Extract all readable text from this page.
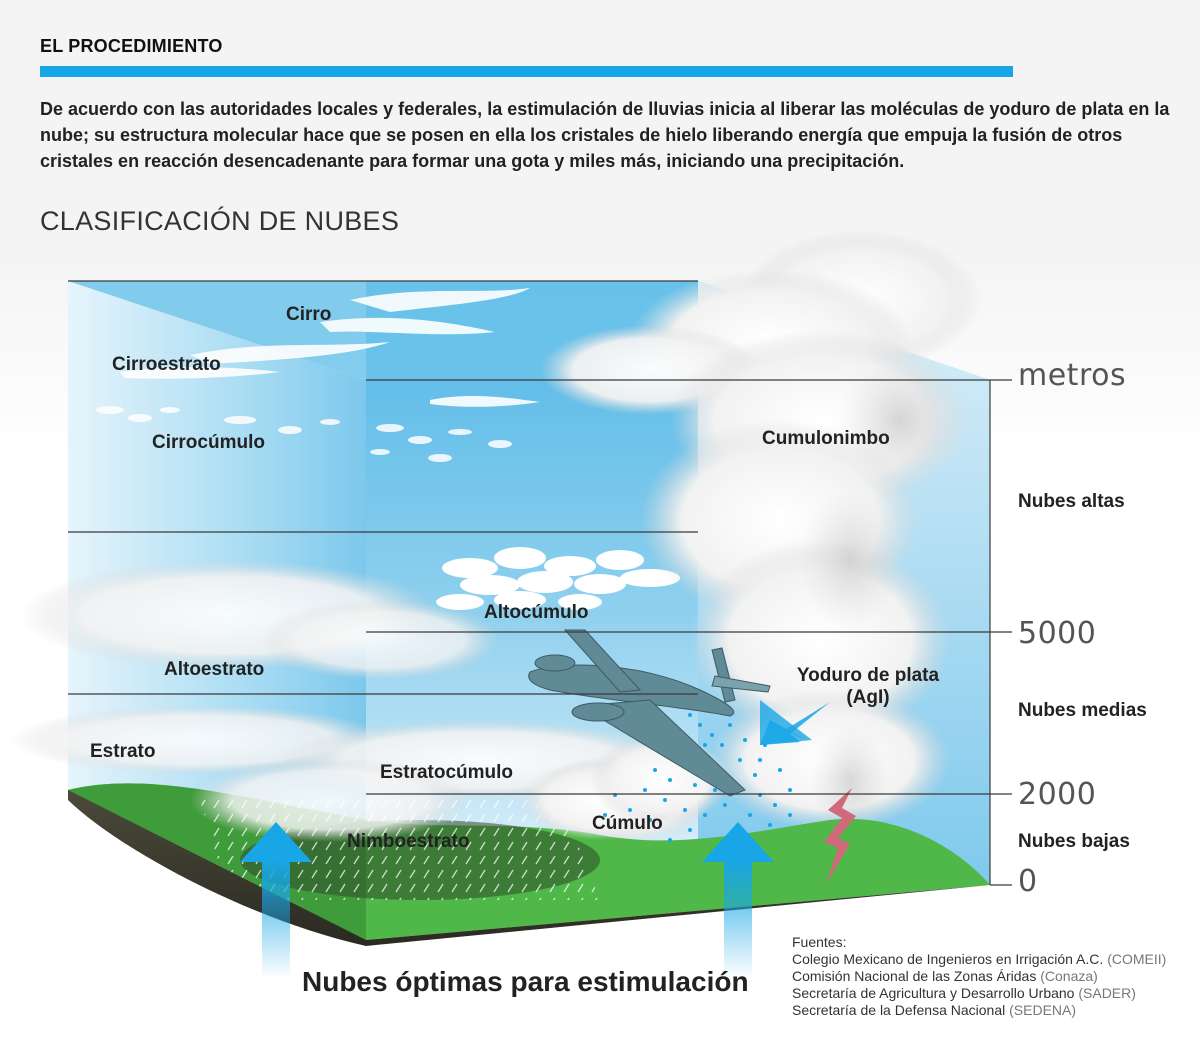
EL PROCEDIMIENTO
De acuerdo con las autoridades locales y federales, la estimulación de lluvias inicia al liberar las moléculas de yoduro de plata en la nube; su estructura molecular hace que se posen en ella los cristales de hielo liberando energía que empuja la fusión de otros cristales en reacción desencadenante para formar una gota y miles más, iniciando una precipitación.
CLASIFICACIÓN DE NUBES
Cirro
Cirroestrato
Cirrocúmulo	Cumulonimbo
Altocúmulo
Altoestrato
Estrato
Estratocúmulo
Nimboestrato
Cúmulo
Yoduro de plata
(AgI)
metros
5000
2000
0
Nubes altas
Nubes medias
Nubes bajas
Nubes óptimas para estimulación
Fuentes:
Colegio Mexicano de Ingenieros en Irrigación A.C. (COMEII)
Comisión Nacional de las Zonas Áridas (Conaza)
Secretaría de Agricultura y Desarrollo Urbano (SADER)
Secretaría de la Defensa Nacional (SEDENA)
